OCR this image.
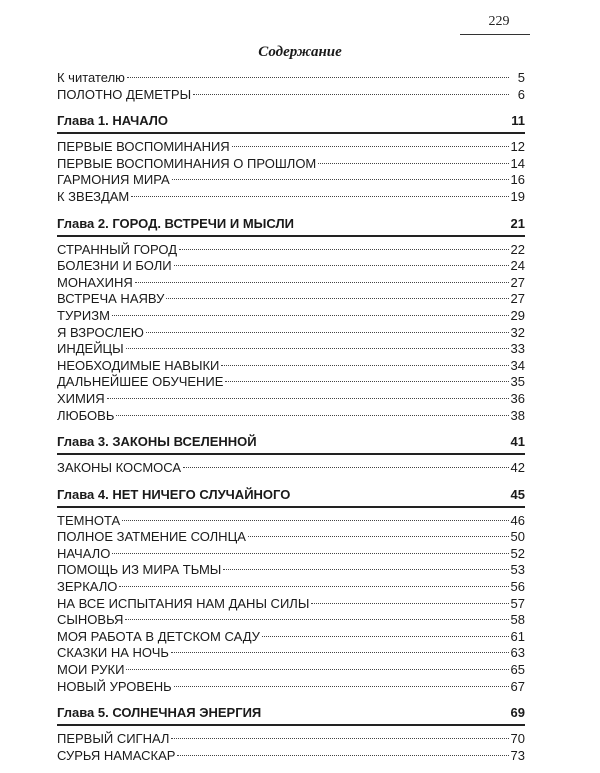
229
Содержание
К читателю	5
ПОЛОТНО ДЕМЕТРЫ	6
Глава 1. НАЧАЛО	11
ПЕРВЫЕ ВОСПОМИНАНИЯ	12
ПЕРВЫЕ ВОСПОМИНАНИЯ О ПРОШЛОМ	14
ГАРМОНИЯ МИРА	16
К ЗВЕЗДАМ	19
Глава 2. ГОРОД. ВСТРЕЧИ И МЫСЛИ	21
СТРАННЫЙ ГОРОД	22
БОЛЕЗНИ И БОЛИ	24
МОНАХИНЯ	27
ВСТРЕЧА НАЯВУ	27
ТУРИЗМ	29
Я ВЗРОСЛЕЮ	32
ИНДЕЙЦЫ	33
НЕОБХОДИМЫЕ НАВЫКИ	34
ДАЛЬНЕЙШЕЕ ОБУЧЕНИЕ	35
ХИМИЯ	36
ЛЮБОВЬ	38
Глава 3. ЗАКОНЫ ВСЕЛЕННОЙ	41
ЗАКОНЫ КОСМОСА	42
Глава 4. НЕТ НИЧЕГО СЛУЧАЙНОГО	45
ТЕМНОТА	46
ПОЛНОЕ ЗАТМЕНИЕ СОЛНЦА	50
НАЧАЛО	52
ПОМОЩЬ ИЗ МИРА ТЬМЫ	53
ЗЕРКАЛО	56
НА ВСЕ ИСПЫТАНИЯ НАМ ДАНЫ СИЛЫ	57
СЫНОВЬЯ	58
МОЯ РАБОТА В ДЕТСКОМ САДУ	61
СКАЗКИ НА НОЧЬ	63
МОИ РУКИ	65
НОВЫЙ УРОВЕНЬ	67
Глава 5. СОЛНЕЧНАЯ ЭНЕРГИЯ	69
ПЕРВЫЙ СИГНАЛ	70
СУРЬЯ НАМАСКАР	73
